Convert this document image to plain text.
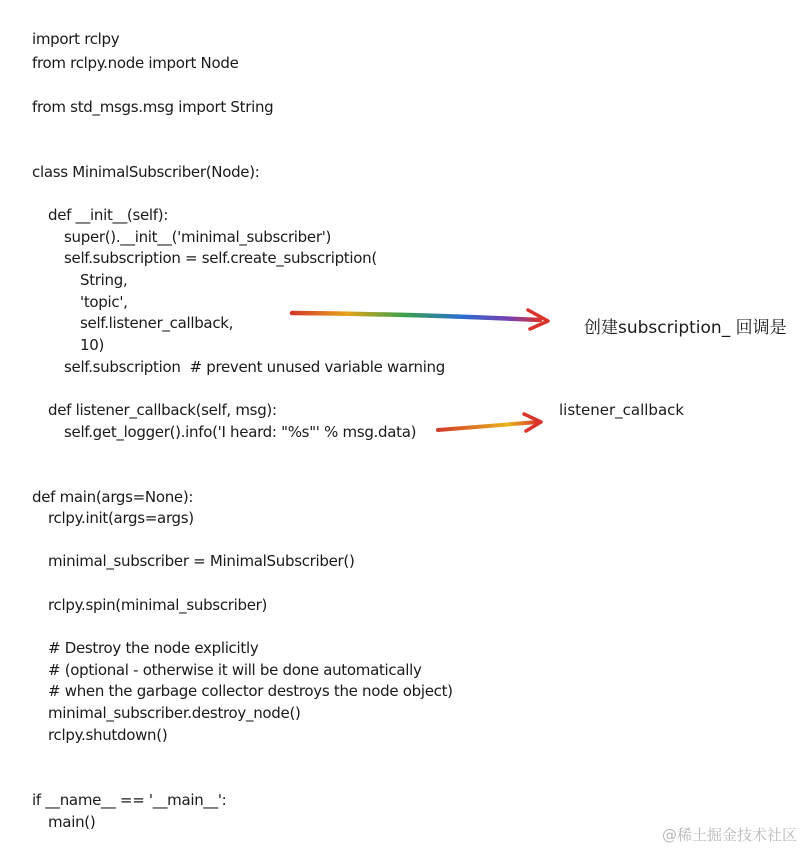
import rclpy
from rclpy.node import Node
from std_msgs.msg import String
class MinimalSubscriber(Node):
def __init__(self):
super().__init__('minimal_subscriber')
self.subscription = self.create_subscription(
String,
'topic',
self.listener_callback,
10)
self.subscription  # prevent unused variable warning
def listener_callback(self, msg):
self.get_logger().info('I heard: "%s"' % msg.data)
def main(args=None):
rclpy.init(args=args)
minimal_subscriber = MinimalSubscriber()
rclpy.spin(minimal_subscriber)
# Destroy the node explicitly
# (optional - otherwise it will be done automatically
# when the garbage collector destroys the node object)
minimal_subscriber.destroy_node()
rclpy.shutdown()
if __name__ == '__main__':
main()
创建subscription_ 回调是
listener_callback
@稀土掘金技术社区
